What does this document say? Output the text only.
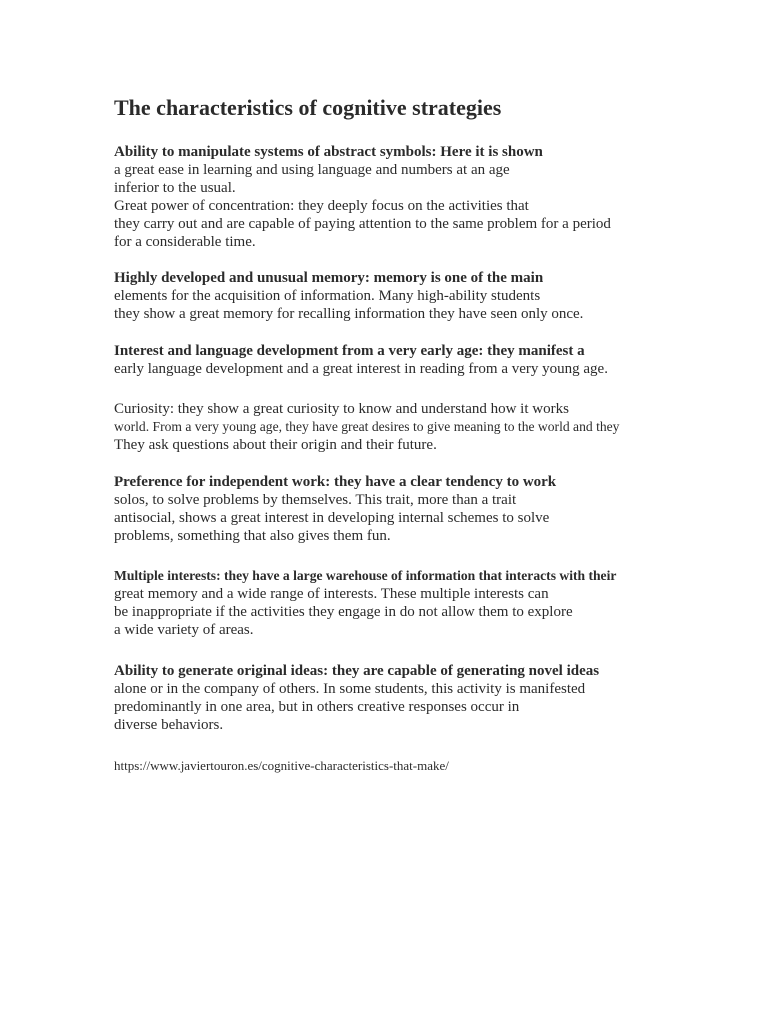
The characteristics of cognitive strategies
Ability to manipulate systems of abstract symbols: Here it is shown
a great ease in learning and using language and numbers at an age
inferior to the usual.
Great power of concentration: they deeply focus on the activities that
they carry out and are capable of paying attention to the same problem for a period
for a considerable time.
Highly developed and unusual memory: memory is one of the main
elements for the acquisition of information. Many high-ability students
they show a great memory for recalling information they have seen only once.
Interest and language development from a very early age: they manifest a
early language development and a great interest in reading from a very young age.
Curiosity: they show a great curiosity to know and understand how it works
world. From a very young age, they have great desires to give meaning to the world and they
They ask questions about their origin and their future.
Preference for independent work: they have a clear tendency to work
solos, to solve problems by themselves. This trait, more than a trait
antisocial, shows a great interest in developing internal schemes to solve
problems, something that also gives them fun.
Multiple interests: they have a large warehouse of information that interacts with their
great memory and a wide range of interests. These multiple interests can
be inappropriate if the activities they engage in do not allow them to explore
a wide variety of areas.
Ability to generate original ideas: they are capable of generating novel ideas
alone or in the company of others. In some students, this activity is manifested
predominantly in one area, but in others creative responses occur in
diverse behaviors.

https://www.javiertouron.es/cognitive-characteristics-that-make/
